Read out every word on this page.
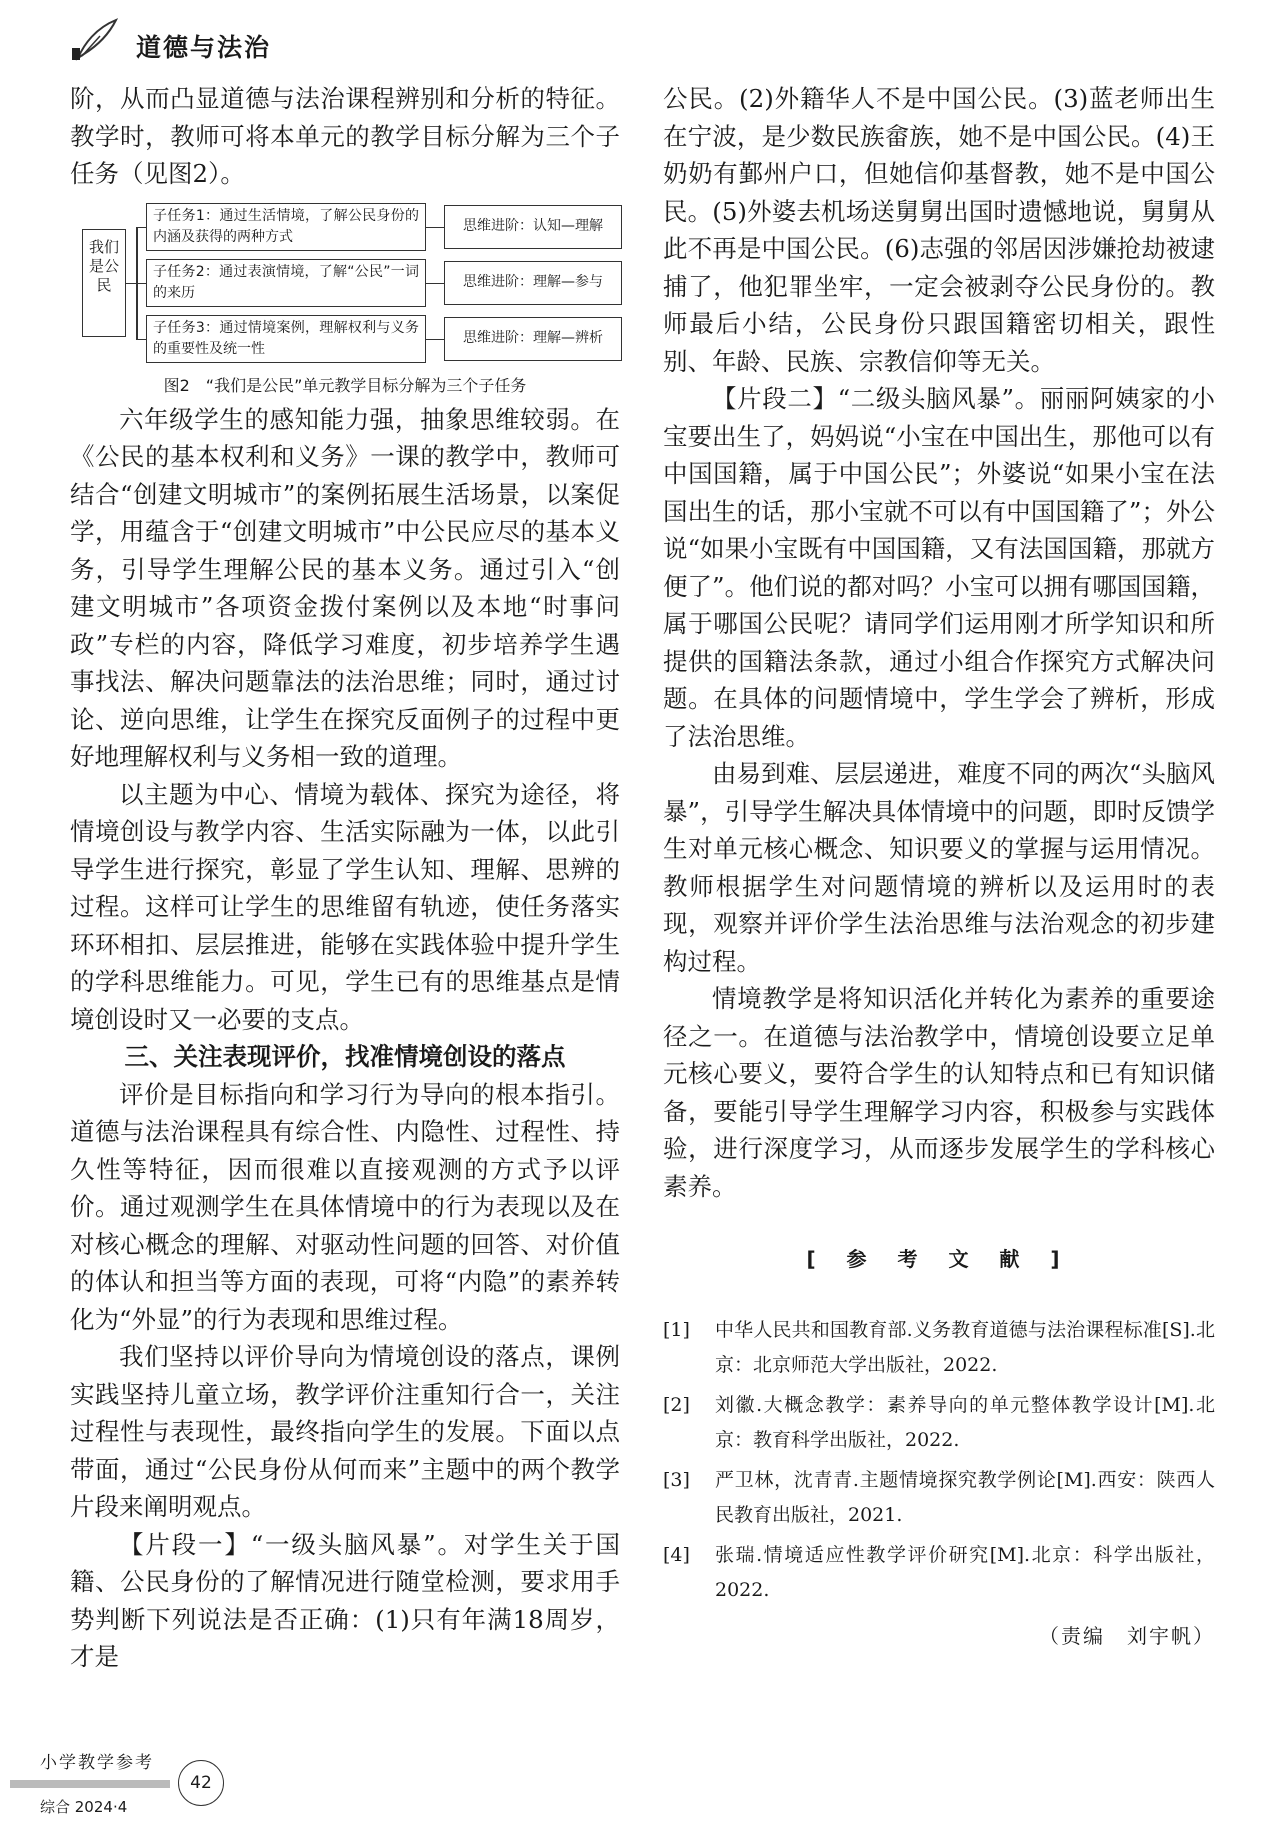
道德与法治

阶，从而凸显道德与法治课程辨别和分析的特征。教学时，教师可将本单元的教学目标分解为三个子任务（见图2）。

我们是公民
子任务1：通过生活情境，了解公民身份的内涵及获得的两种方式
思维进阶：认知—理解
子任务2：通过表演情境，了解“公民”一词的来历
思维进阶：理解—参与
子任务3：通过情境案例，理解权利与义务的重要性及统一性
思维进阶：理解—辨析
图2　“我们是公民”单元教学目标分解为三个子任务

六年级学生的感知能力强，抽象思维较弱。在《公民的基本权利和义务》一课的教学中，教师可结合“创建文明城市”的案例拓展生活场景，以案促学，用蕴含于“创建文明城市”中公民应尽的基本义务，引导学生理解公民的基本义务。通过引入“创建文明城市”各项资金拨付案例以及本地“时事问政”专栏的内容，降低学习难度，初步培养学生遇事找法、解决问题靠法的法治思维；同时，通过讨论、逆向思维，让学生在探究反面例子的过程中更好地理解权利与义务相一致的道理。

以主题为中心、情境为载体、探究为途径，将情境创设与教学内容、生活实际融为一体，以此引导学生进行探究，彰显了学生认知、理解、思辨的过程。这样可让学生的思维留有轨迹，使任务落实环环相扣、层层推进，能够在实践体验中提升学生的学科思维能力。可见，学生已有的思维基点是情境创设时又一必要的支点。

三、关注表现评价，找准情境创设的落点

评价是目标指向和学习行为导向的根本指引。道德与法治课程具有综合性、内隐性、过程性、持久性等特征，因而很难以直接观测的方式予以评价。通过观测学生在具体情境中的行为表现以及在对核心概念的理解、对驱动性问题的回答、对价值的体认和担当等方面的表现，可将“内隐”的素养转化为“外显”的行为表现和思维过程。

我们坚持以评价导向为情境创设的落点，课例实践坚持儿童立场，教学评价注重知行合一，关注过程性与表现性，最终指向学生的发展。下面以点带面，通过“公民身份从何而来”主题中的两个教学片段来阐明观点。

【片段一】“一级头脑风暴”。对学生关于国籍、公民身份的了解情况进行随堂检测，要求用手势判断下列说法是否正确：(1)只有年满18周岁，才是

公民。(2)外籍华人不是中国公民。(3)蓝老师出生在宁波，是少数民族畲族，她不是中国公民。(4)王奶奶有鄞州户口，但她信仰基督教，她不是中国公民。(5)外婆去机场送舅舅出国时遗憾地说，舅舅从此不再是中国公民。(6)志强的邻居因涉嫌抢劫被逮捕了，他犯罪坐牢，一定会被剥夺公民身份的。教师最后小结，公民身份只跟国籍密切相关，跟性别、年龄、民族、宗教信仰等无关。

【片段二】“二级头脑风暴”。丽丽阿姨家的小宝要出生了，妈妈说“小宝在中国出生，那他可以有中国国籍，属于中国公民”；外婆说“如果小宝在法国出生的话，那小宝就不可以有中国国籍了”；外公说“如果小宝既有中国国籍，又有法国国籍，那就方便了”。他们说的都对吗？小宝可以拥有哪国国籍，属于哪国公民呢？请同学们运用刚才所学知识和所提供的国籍法条款，通过小组合作探究方式解决问题。在具体的问题情境中，学生学会了辨析，形成了法治思维。

由易到难、层层递进，难度不同的两次“头脑风暴”，引导学生解决具体情境中的问题，即时反馈学生对单元核心概念、知识要义的掌握与运用情况。教师根据学生对问题情境的辨析以及运用时的表现，观察并评价学生法治思维与法治观念的初步建构过程。

情境教学是将知识活化并转化为素养的重要途径之一。在道德与法治教学中，情境创设要立足单元核心要义，要符合学生的认知特点和已有知识储备，要能引导学生理解学习内容，积极参与实践体验，进行深度学习，从而逐步发展学生的学科核心素养。

[ 参 考 文 献 ]
[1]	中华人民共和国教育部.义务教育道德与法治课程标准[S].北京：北京师范大学出版社，2022.
[2]	刘徽.大概念教学：素养导向的单元整体教学设计[M].北京：教育科学出版社，2022.
[3]	严卫林，沈青青.主题情境探究教学例论[M].西安：陕西人民教育出版社，2021.
[4]	张瑞.情境适应性教学评价研究[M].北京：科学出版社，2022.
（责编　刘宇帆）
小学教学参考
综合 2024·4
42
